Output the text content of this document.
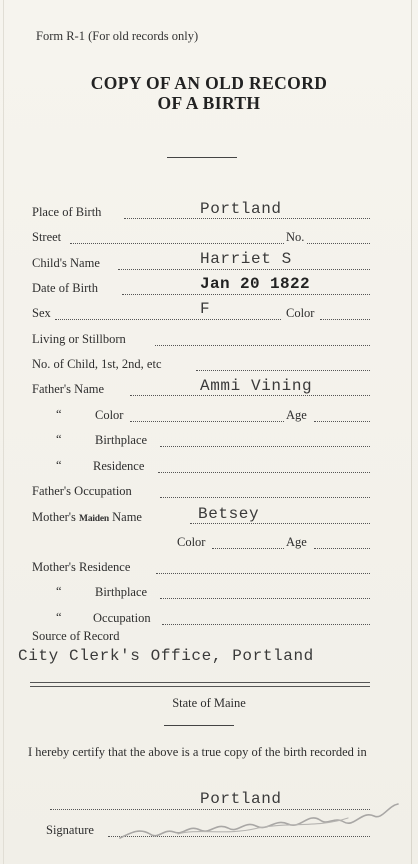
Form R-1 (For old records only)
COPY OF AN OLD RECORD
OF A BIRTH
Place of Birth	Portland
Street	No.
Child's Name	Harriet S
Date of Birth	Jan 20 1822
Sex	F	Color
Living or Stillborn
No. of Child, 1st, 2nd, etc
Father's Name	Ammi Vining
“	Color	Age
“	Birthplace
“	Residence
Father's Occupation
Mother's Maiden Name	Betsey
Color	Age
Mother's Residence
“	Birthplace
“	Occupation
Source of Record
City Clerk's Office, Portland
State of Maine
I hereby certify that the above is a true copy of the birth recorded in
Portland
Signature
